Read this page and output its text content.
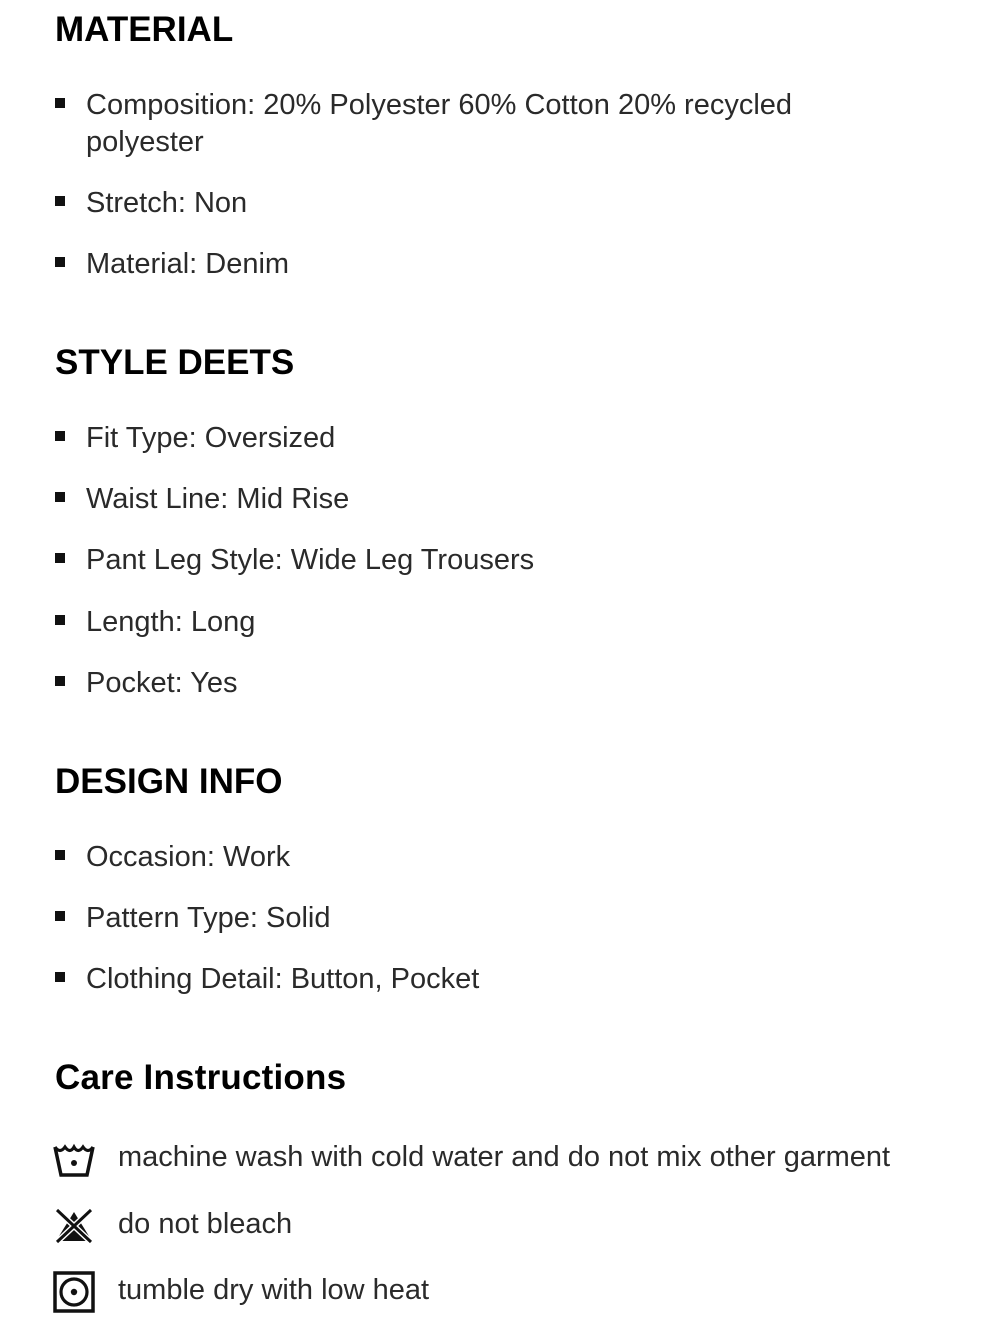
MATERIAL
Composition: 20% Polyester 60% Cotton 20% recycled polyester
Stretch: Non
Material: Denim
STYLE DEETS
Fit Type: Oversized
Waist Line: Mid Rise
Pant Leg Style: Wide Leg Trousers
Length: Long
Pocket: Yes
DESIGN INFO
Occasion: Work
Pattern Type: Solid
Clothing Detail: Button, Pocket
Care Instructions
machine wash with cold water and do not mix other garment
do not bleach
tumble dry with low heat
